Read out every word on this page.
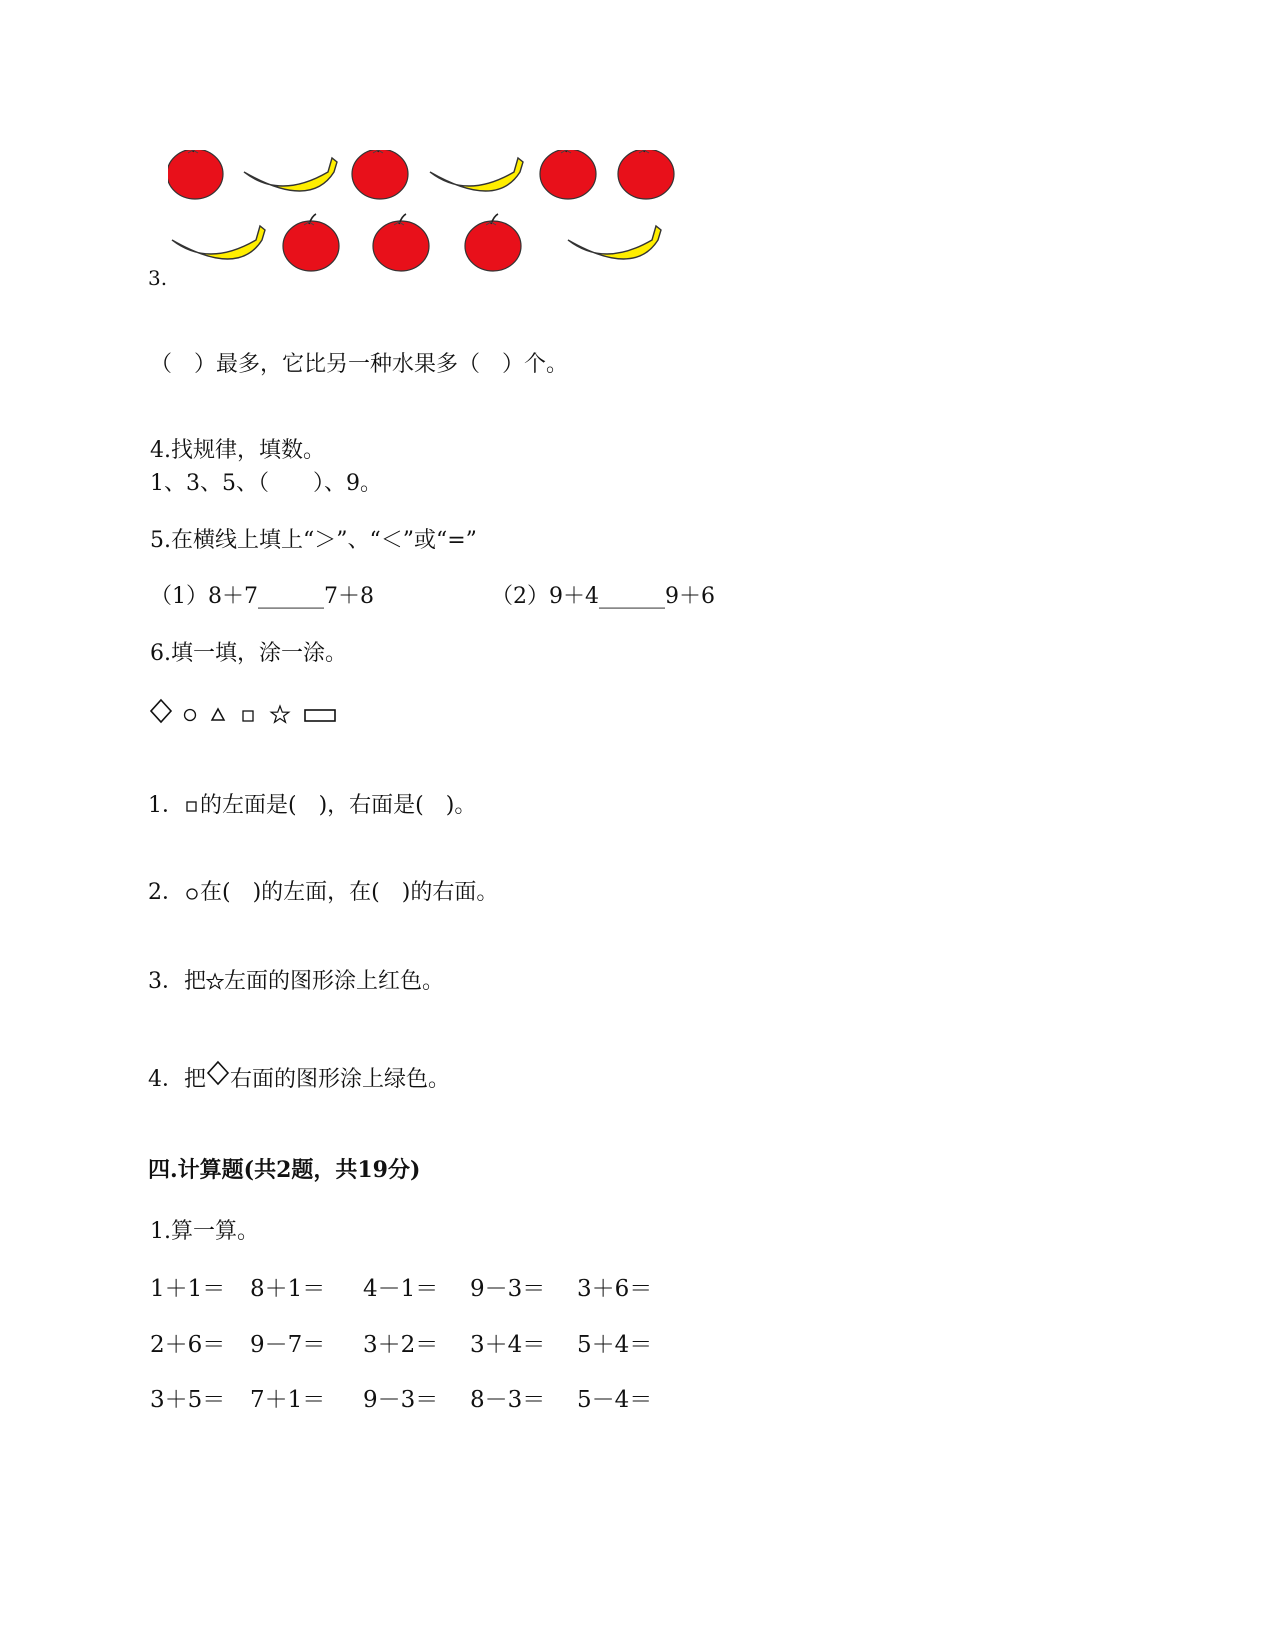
3.
（　）最多，它比另一种水果多（　）个。
4.找规律，填数。
1、3、5、（　　）、9。
5.在横线上填上“＞”、“＜”或“=”
（1）8＋7______7＋8	（2）9＋4______9＋6
6.填一填，涂一涂。

1． 的左面是(　)，右面是(　)。
2． 在(　)的左面，在(　)的右面。
3．把 左面的图形涂上红色。
4．把 右面的图形涂上绿色。
四.计算题(共2题，共19分)
1.算一算。
1＋1＝ 8＋1＝ 4－1＝ 9－3＝ 3＋6＝
2＋6＝ 9－7＝ 3＋2＝ 3＋4＝ 5＋4＝
3＋5＝ 7＋1＝ 9－3＝ 8－3＝ 5－4＝
